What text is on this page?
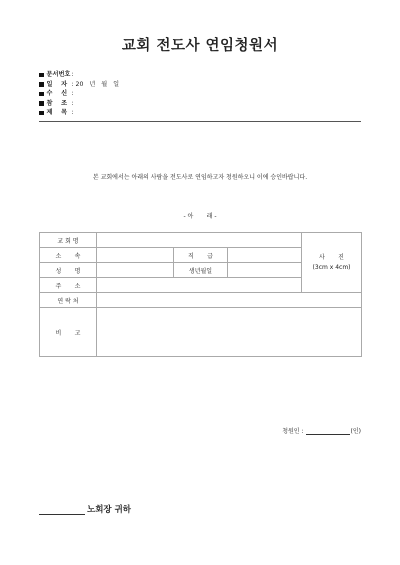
교회 전도사 연임청원서
문서번호 :
일    자 : 20   년   월   일
수    신 :
참    조 :
제    목 :
본 교회에서는 아래의 사람을 전도사로 연임하고자 청원하오니 이에 승인바랍니다.
- 아       래 -
교 회 명				사       진
(3cm x 4cm)

소       속		직       급		
성       명		생년월일		
주       소				
연 락 처				
비       고				
청원인 :	(인)
노회장 귀하
